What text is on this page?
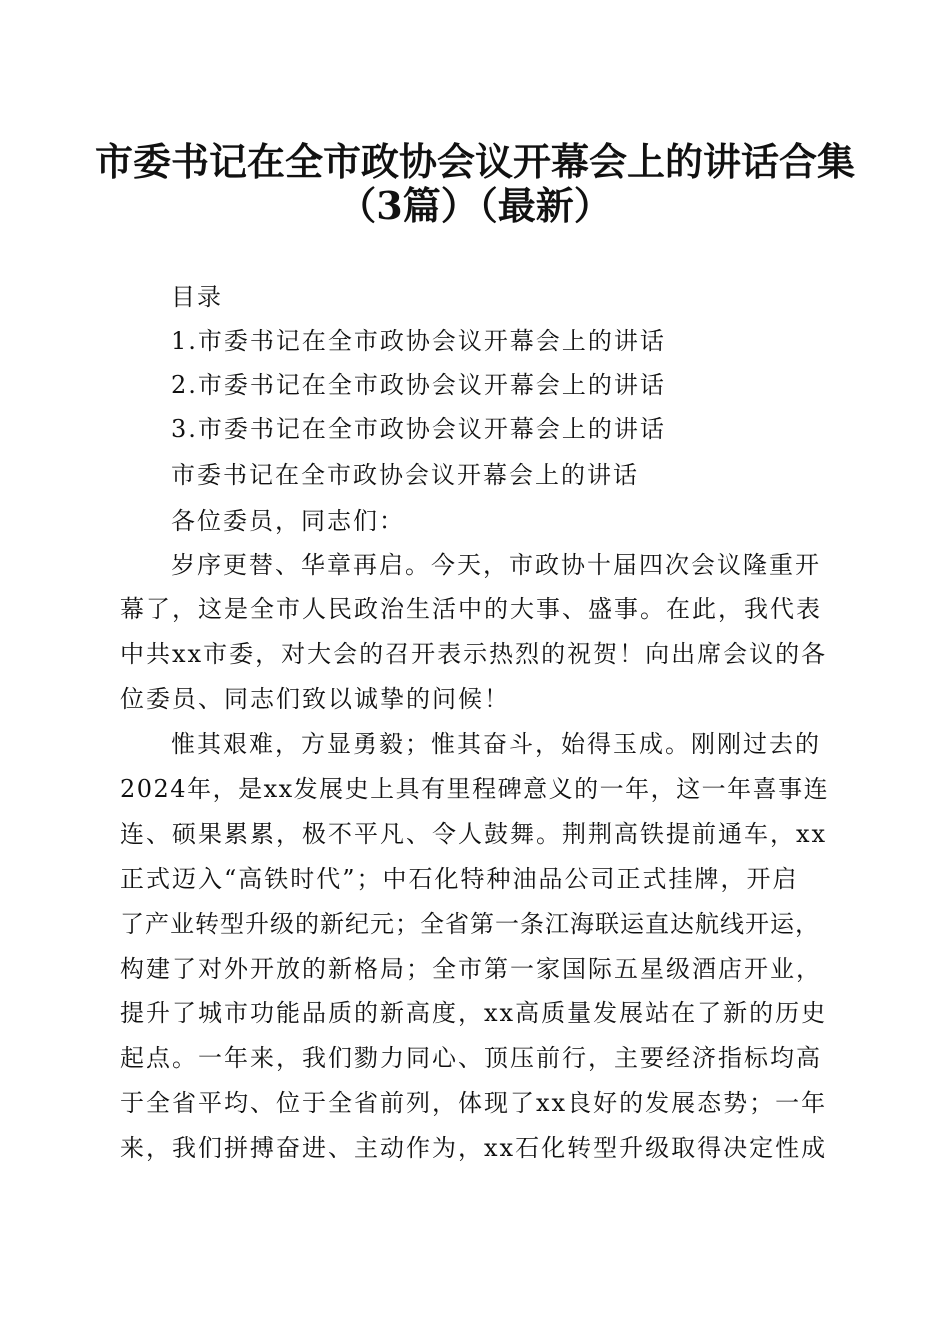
市委书记在全市政协会议开幕会上的讲话合集
（3篇）（最新）
目录
1.市委书记在全市政协会议开幕会上的讲话
2.市委书记在全市政协会议开幕会上的讲话
3.市委书记在全市政协会议开幕会上的讲话
市委书记在全市政协会议开幕会上的讲话
各位委员，同志们：
岁序更替、华章再启。今天，市政协十届四次会议隆重开
幕了，这是全市人民政治生活中的大事、盛事。在此，我代表
中共xx市委，对大会的召开表示热烈的祝贺！向出席会议的各
位委员、同志们致以诚挚的问候！
惟其艰难，方显勇毅；惟其奋斗，始得玉成。刚刚过去的
2024年，是xx发展史上具有里程碑意义的一年，这一年喜事连
连、硕果累累，极不平凡、令人鼓舞。荆荆高铁提前通车，xx
正式迈入“高铁时代”；中石化特种油品公司正式挂牌，开启
了产业转型升级的新纪元；全省第一条江海联运直达航线开运，
构建了对外开放的新格局；全市第一家国际五星级酒店开业，
提升了城市功能品质的新高度，xx高质量发展站在了新的历史
起点。一年来，我们勠力同心、顶压前行，主要经济指标均高
于全省平均、位于全省前列，体现了xx良好的发展态势；一年
来，我们拼搏奋进、主动作为，xx石化转型升级取得决定性成
